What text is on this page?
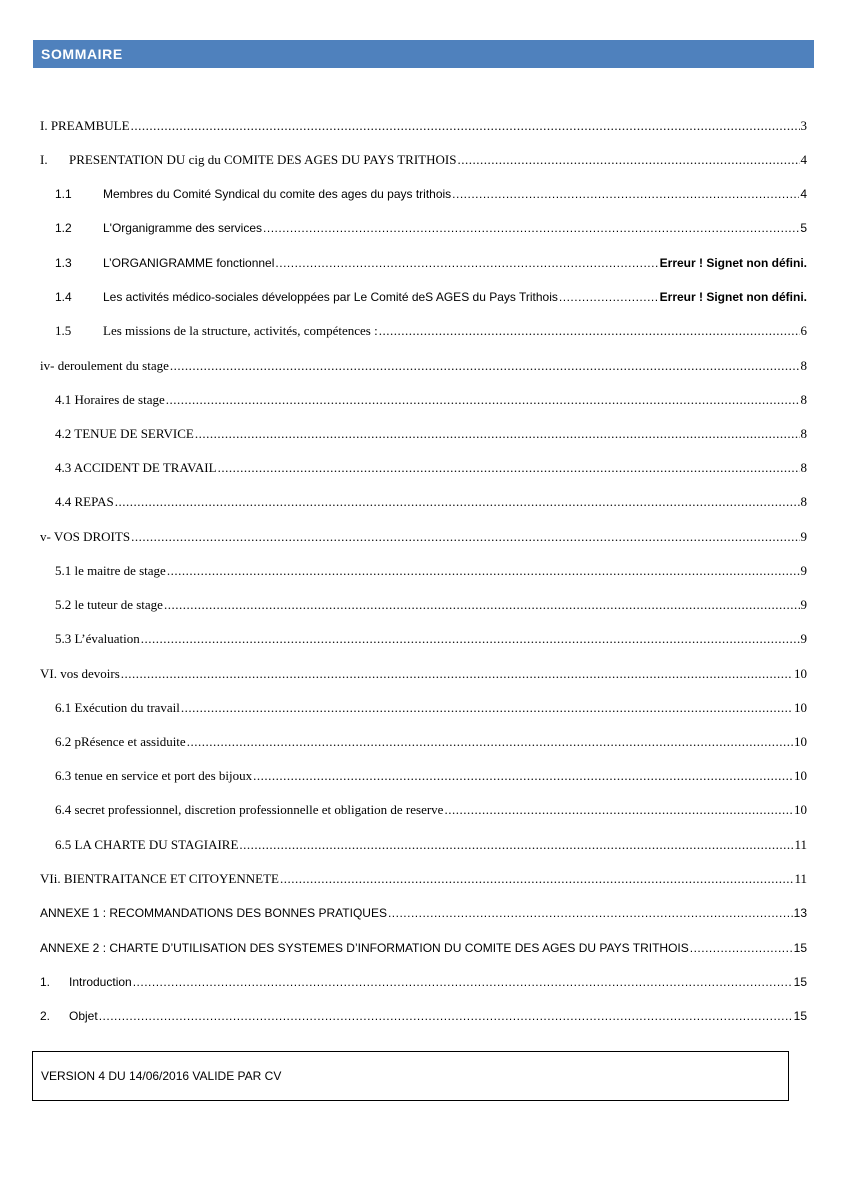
SOMMAIRE
I. PREAMBULE .....	3
I.	PRESENTATION DU cig du COMITE DES AGES DU PAYS TRITHOIS .....	4
1.1	Membres du Comité Syndical du comite des ages du pays trithois .....	4
1.2	L'Organigramme des services .....	5
1.3	L’ORGANIGRAMME fonctionnel .....	Erreur ! Signet non défini.
1.4	Les activités médico-sociales développées par Le Comité deS AGES du Pays Trithois .....	Erreur ! Signet non défini.
1.5	Les missions de la structure, activités, compétences : .....	6
iv- deroulement du stage .....	8
4.1 Horaires de stage .....	8
4.2 TENUE DE SERVICE .....	8
4.3 ACCIDENT DE TRAVAIL .....	8
4.4 REPAS .....	8
v- VOS DROITS .....	9
5.1 le maitre de stage .....	9
5.2 le tuteur de stage .....	9
5.3 L’évaluation .....	9
VI. vos devoirs .....	10
6.1 Exécution du travail .....	10
6.2 pRésence et assiduite .....	10
6.3 tenue en service et port des bijoux .....	10
6.4 secret professionnel, discretion professionnelle et obligation de reserve .....	10
6.5 LA CHARTE DU STAGIAIRE .....	11
VIi. BIENTRAITANCE ET CITOYENNETE .....	11
ANNEXE 1 : RECOMMANDATIONS DES BONNES PRATIQUES .....	13
ANNEXE 2 : CHARTE D’UTILISATION DES SYSTEMES D’INFORMATION DU COMITE DES AGES DU PAYS TRITHOIS .....	15
1.	Introduction .....	15
2.	Objet .....	15
VERSION 4 DU 14/06/2016 VALIDE PAR CV
